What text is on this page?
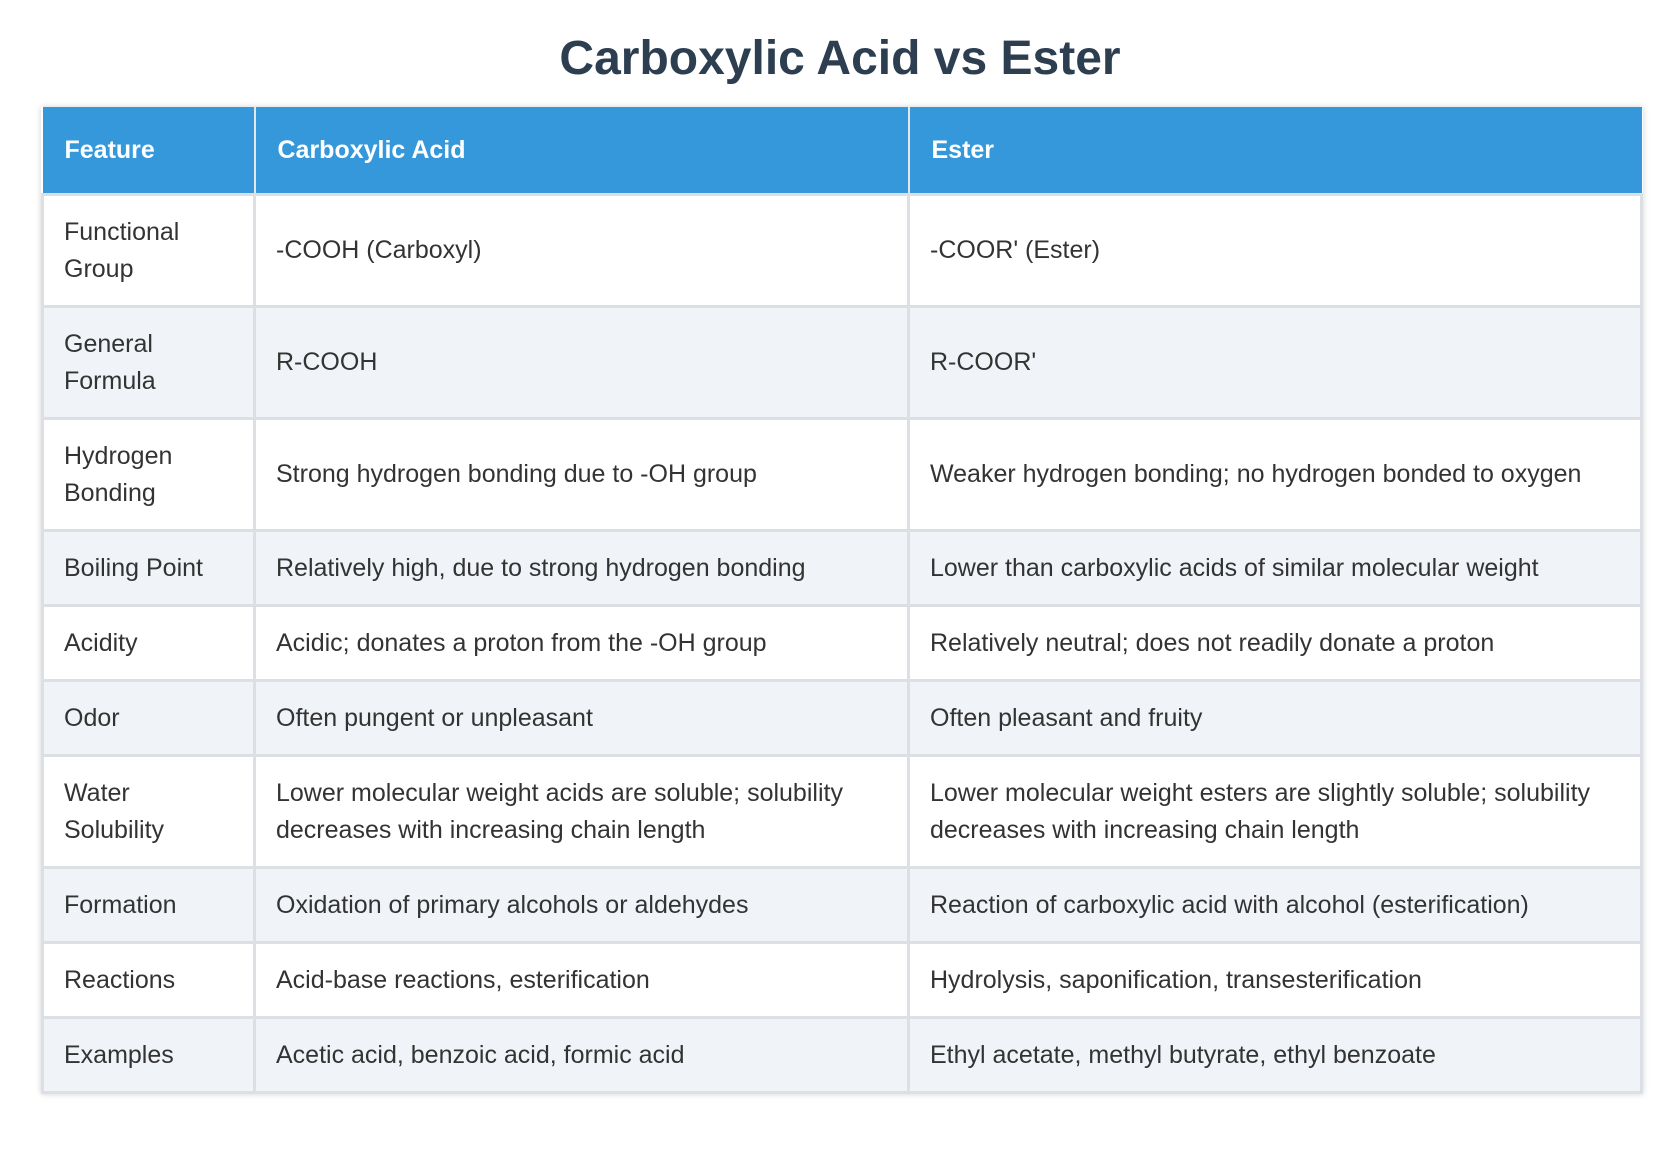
Carboxylic Acid vs Ester
Feature	Carboxylic Acid	Ester
Functional Group	-COOH (Carboxyl)	-COOR' (Ester)
General Formula	R-COOH	R-COOR'
Hydrogen Bonding	Strong hydrogen bonding due to -OH group	Weaker hydrogen bonding; no hydrogen bonded to oxygen
Boiling Point	Relatively high, due to strong hydrogen bonding	Lower than carboxylic acids of similar molecular weight
Acidity	Acidic; donates a proton from the -OH group	Relatively neutral; does not readily donate a proton
Odor	Often pungent or unpleasant	Often pleasant and fruity
Water Solubility	Lower molecular weight acids are soluble; solubility decreases with increasing chain length	Lower molecular weight esters are slightly soluble; solubility decreases with increasing chain length
Formation	Oxidation of primary alcohols or aldehydes	Reaction of carboxylic acid with alcohol (esterification)
Reactions	Acid-base reactions, esterification	Hydrolysis, saponification, transesterification
Examples	Acetic acid, benzoic acid, formic acid	Ethyl acetate, methyl butyrate, ethyl benzoate
